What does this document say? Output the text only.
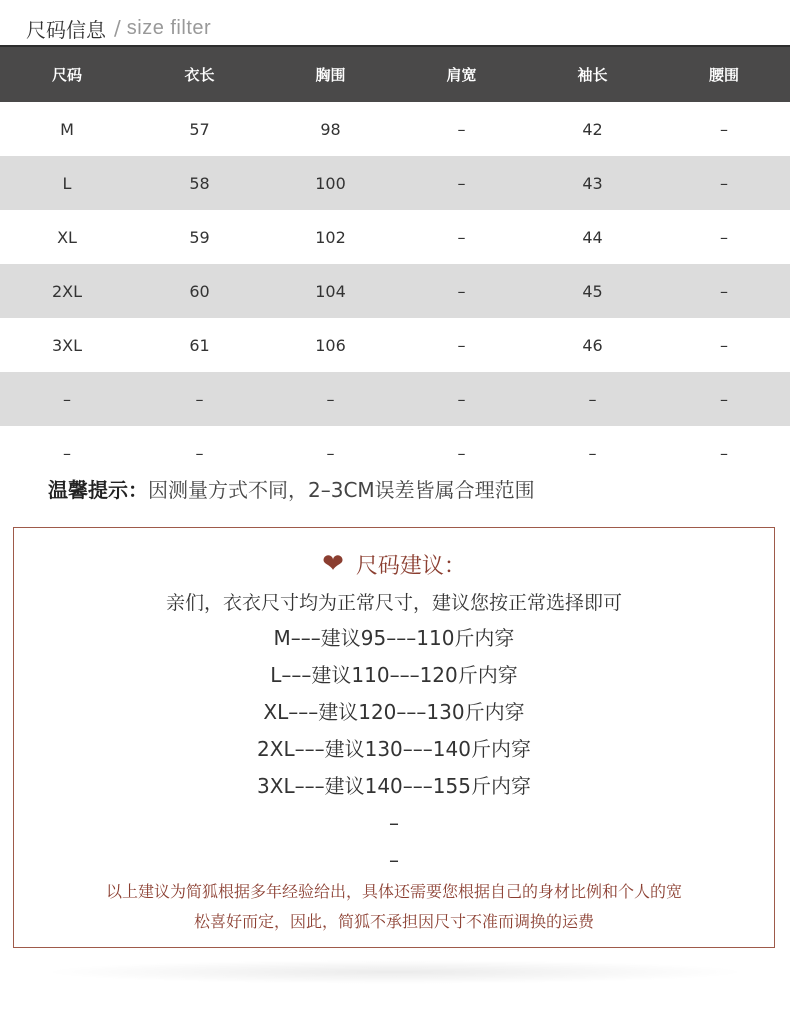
尺码信息 / size filter
尺码	衣长	胸围	肩宽	袖长	腰围
M	57	98	–	42	–
L	58	100	–	43	–
XL	59	102	–	44	–
2XL	60	104	–	45	–
3XL	61	106	–	46	–
–	–	–	–	–	–
–	–	–	–	–	–
温馨提示： 因测量方式不同，2–3CM误差皆属合理范围
❤ 尺码建议：
亲们，衣衣尺寸均为正常尺寸，建议您按正常选择即可
M–––建议95–––110斤内穿
L–––建议110–––120斤内穿
XL–––建议120–––130斤内穿
2XL–––建议130–––140斤内穿
3XL–––建议140–––155斤内穿
–
–
以上建议为简狐根据多年经验给出，具体还需要您根据自己的身材比例和个人的宽
松喜好而定，因此，简狐不承担因尺寸不准而调换的运费
